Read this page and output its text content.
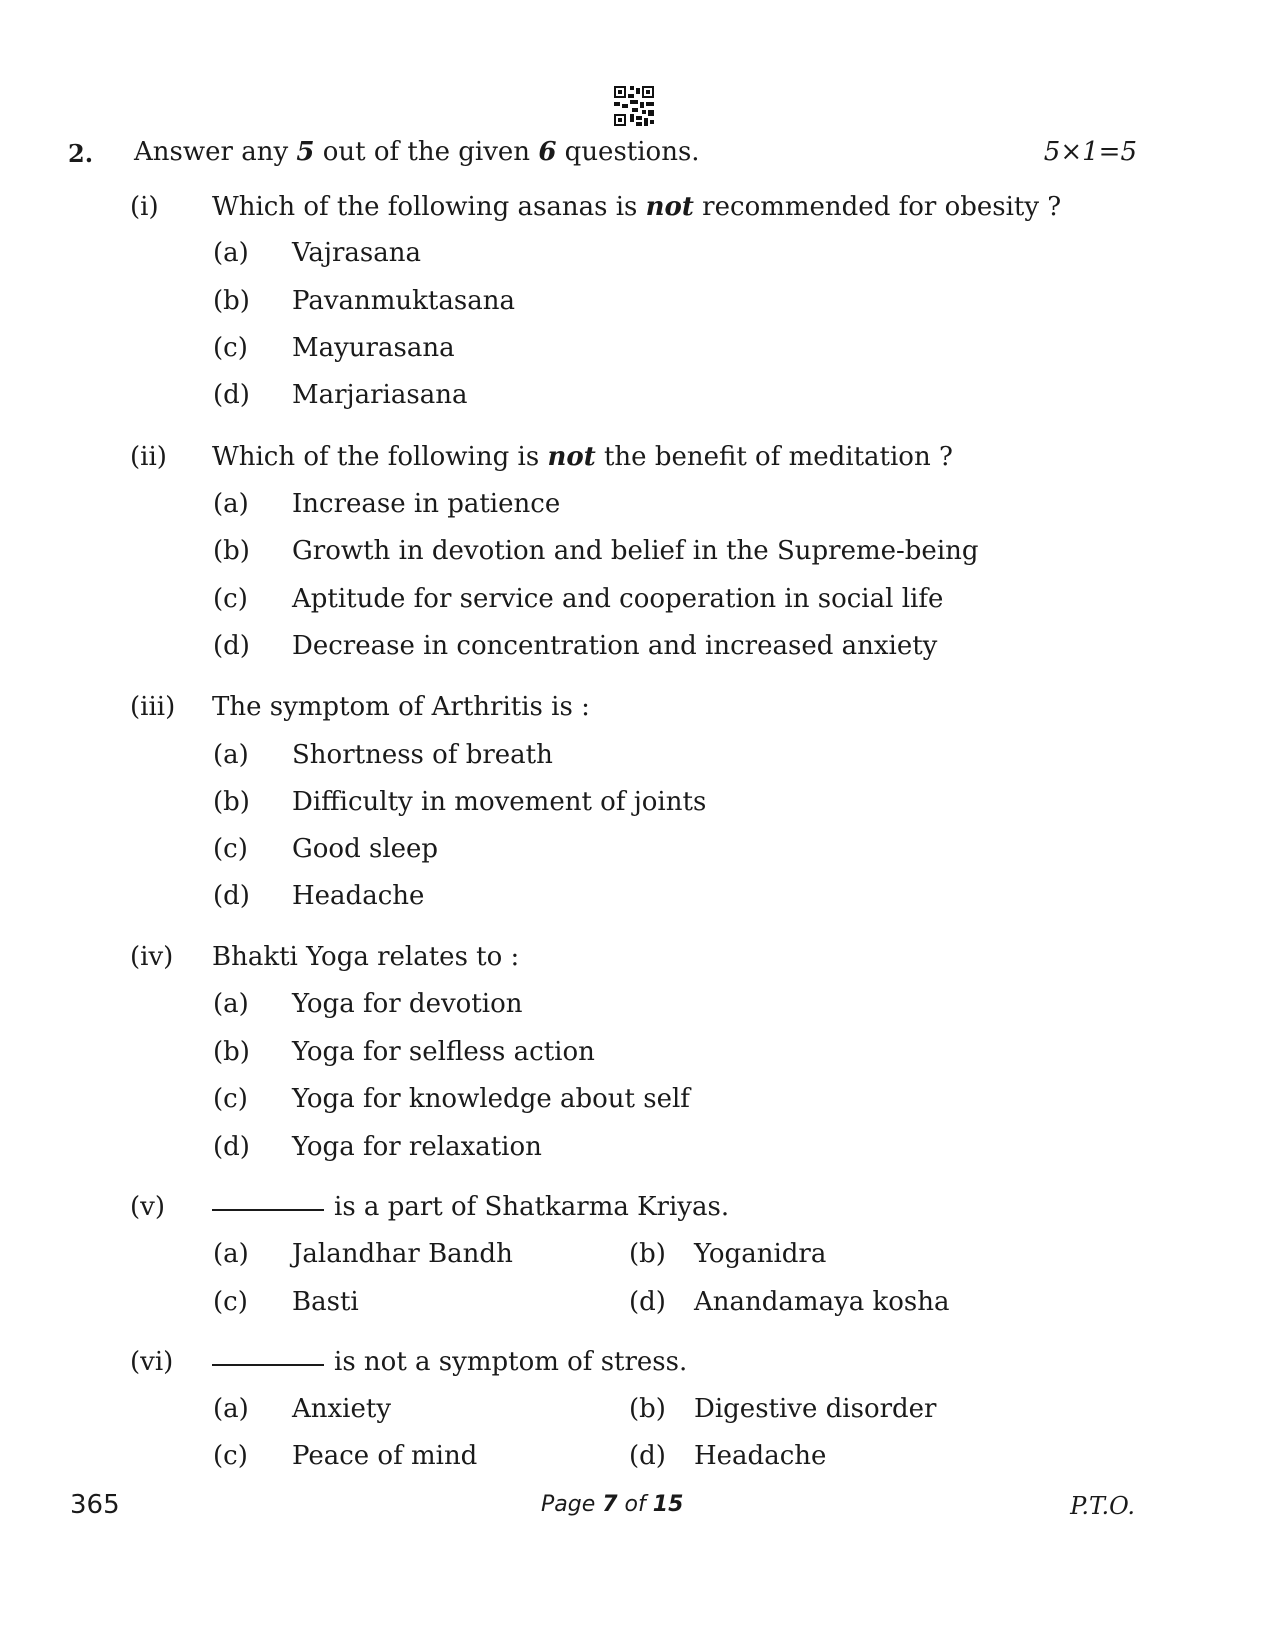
2. Answer any 5 out of the given 6 questions.	5×1=5
(i) Which of the following asanas is not recommended for obesity ?
(a) Vajrasana
(b) Pavanmuktasana
(c) Mayurasana
(d) Marjariasana
(ii) Which of the following is not the benefit of meditation ?
(a) Increase in patience
(b) Growth in devotion and belief in the Supreme-being
(c) Aptitude for service and cooperation in social life
(d) Decrease in concentration and increased anxiety
(iii) The symptom of Arthritis is :
(a) Shortness of breath
(b) Difficulty in movement of joints
(c) Good sleep
(d) Headache
(iv) Bhakti Yoga relates to :
(a) Yoga for devotion
(b) Yoga for selfless action
(c) Yoga for knowledge about self
(d) Yoga for relaxation
(v)	is a part of Shatkarma Kriyas.
(a) Jalandhar Bandh	(b) Yoganidra
(c) Basti	(d) Anandamaya kosha
(vi)	is not a symptom of stress.
(a) Anxiety	(b) Digestive disorder
(c) Peace of mind	(d) Headache
365	Page 7 of 15	P.T.O.
